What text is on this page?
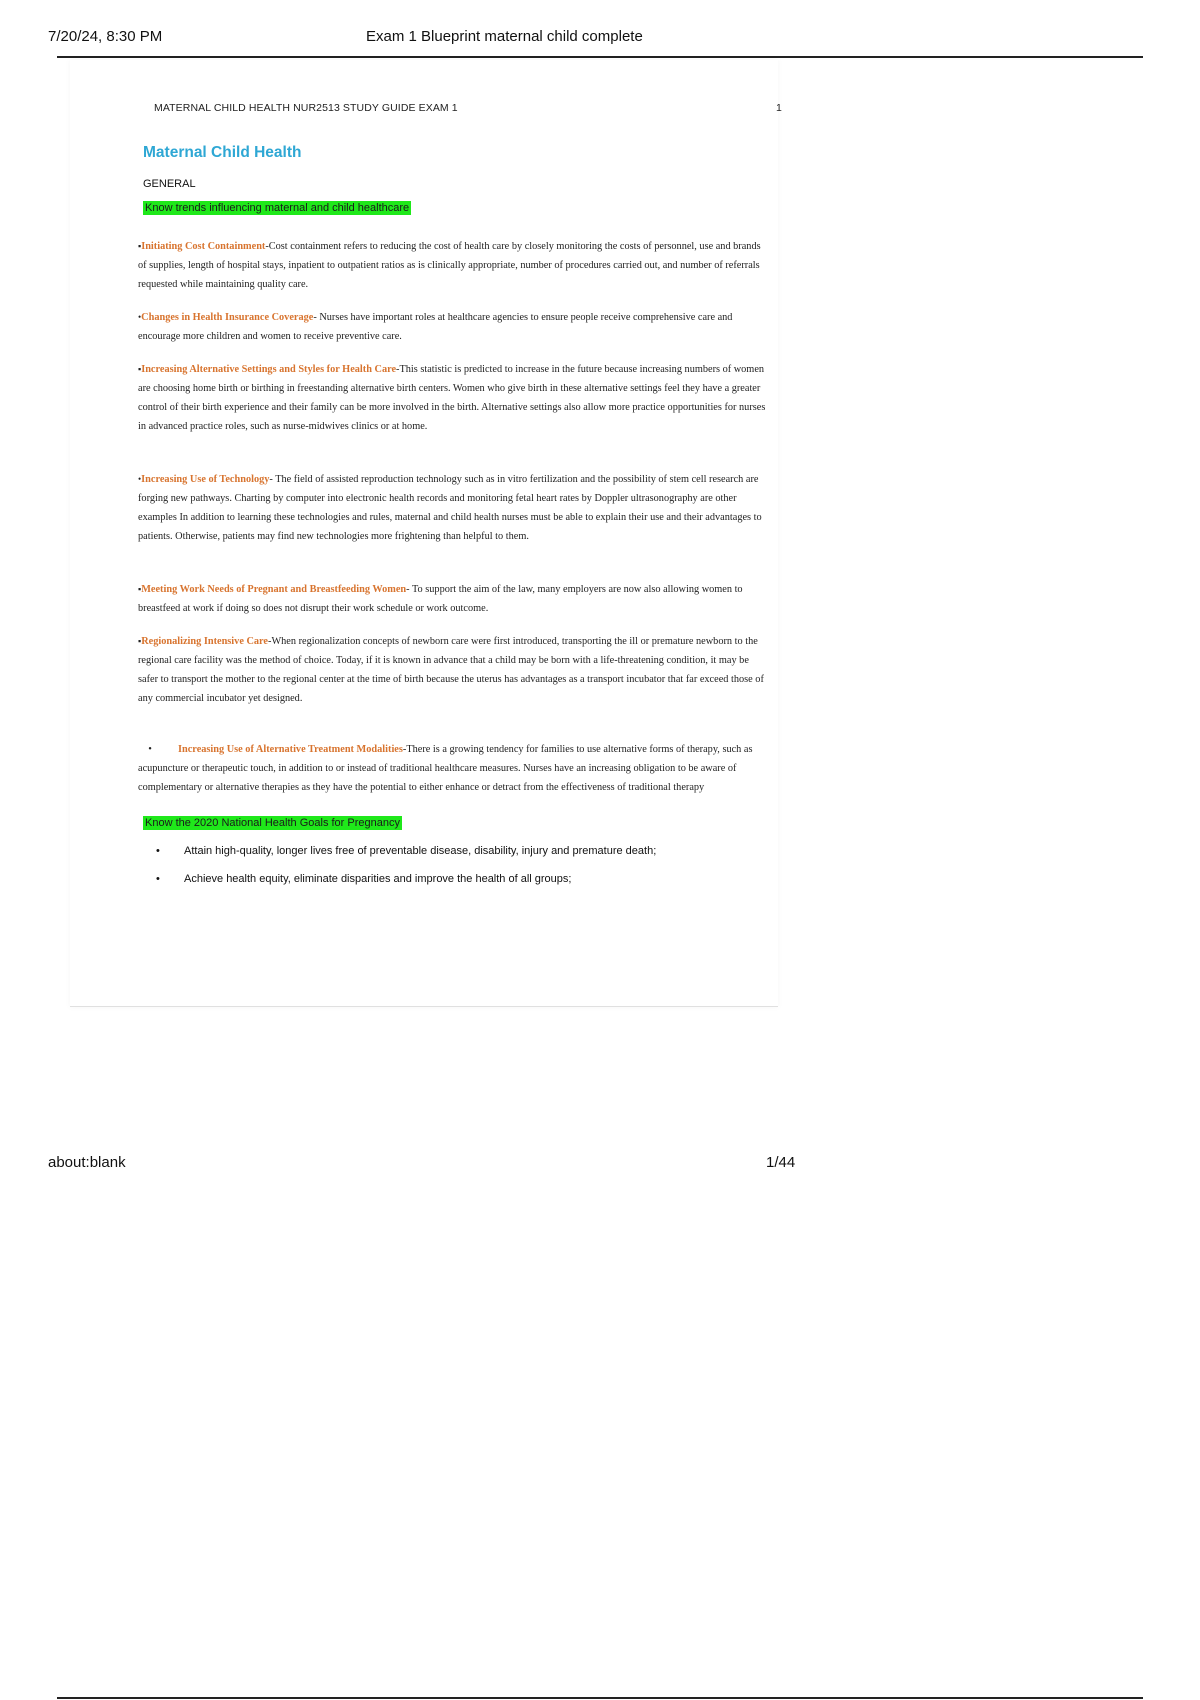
7/20/24, 8:30 PM	Exam 1 Blueprint maternal child complete
MATERNAL CHILD HEALTH NUR2513 STUDY GUIDE EXAM 1	1
Maternal Child Health
GENERAL
Know trends influencing maternal and child healthcare
▪Initiating Cost Containment-Cost containment refers to reducing the cost of health care by closely monitoring the costs of personnel, use and brands of supplies, length of hospital stays, inpatient to outpatient ratios as is clinically appropriate, number of procedures carried out, and number of referrals requested while maintaining quality care.
•Changes in Health Insurance Coverage- Nurses have important roles at healthcare agencies to ensure people receive comprehensive care and encourage more children and women to receive preventive care.
▪Increasing Alternative Settings and Styles for Health Care-This statistic is predicted to increase in the future because increasing numbers of women are choosing home birth or birthing in freestanding alternative birth centers. Women who give birth in these alternative settings feel they have a greater control of their birth experience and their family can be more involved in the birth. Alternative settings also allow more practice opportunities for nurses in advanced practice roles, such as nurse-midwives clinics or at home.
•Increasing Use of Technology- The field of assisted reproduction technology such as in vitro fertilization and the possibility of stem cell research are forging new pathways. Charting by computer into electronic health records and monitoring fetal heart rates by Doppler ultrasonography are other examples In addition to learning these technologies and rules, maternal and child health nurses must be able to explain their use and their advantages to patients. Otherwise, patients may find new technologies more frightening than helpful to them.
▪Meeting Work Needs of Pregnant and Breastfeeding Women- To support the aim of the law, many employers are now also allowing women to breastfeed at work if doing so does not disrupt their work schedule or work outcome.
▪Regionalizing Intensive Care-When regionalization concepts of newborn care were first introduced, transporting the ill or premature newborn to the regional care facility was the method of choice. Today, if it is known in advance that a child may be born with a life-threatening condition, it may be safer to transport the mother to the regional center at the time of birth because the uterus has advantages as a transport incubator that far exceed those of any commercial incubator yet designed.
•	Increasing Use of Alternative Treatment Modalities-There is a growing tendency for families to use alternative forms of therapy, such as acupuncture or therapeutic touch, in addition to or instead of traditional healthcare measures. Nurses have an increasing obligation to be aware of complementary or alternative therapies as they have the potential to either enhance or detract from the effectiveness of traditional therapy
Know the 2020 National Health Goals for Pregnancy
• Attain high-quality, longer lives free of preventable disease, disability, injury and premature death;
• Achieve health equity, eliminate disparities and improve the health of all groups;
about:blank	1/44
